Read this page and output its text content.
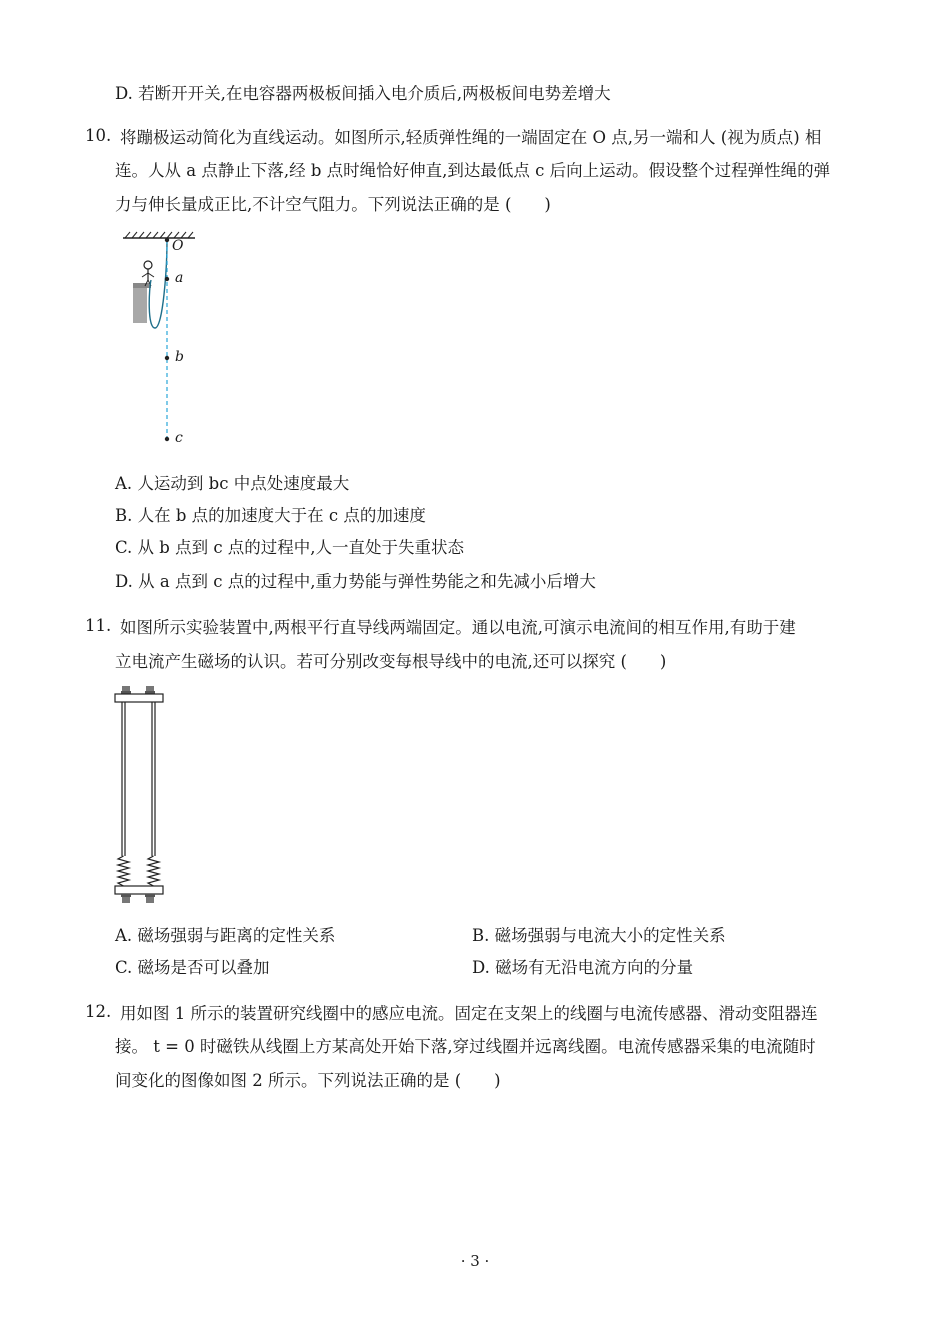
D. 若断开开关,在电容器两极板间插入电介质后,两极板间电势差增大
10. 将蹦极运动简化为直线运动。如图所示,轻质弹性绳的一端固定在 O 点,另一端和人 (视为质点) 相
连。人从 a 点静止下落,经 b 点时绳恰好伸直,到达最低点 c 后向上运动。假设整个过程弹性绳的弹
力与伸长量成正比,不计空气阻力。下列说法正确的是 (　　)
O
a
b
c
A. 人运动到 bc 中点处速度最大
B. 人在 b 点的加速度大于在 c 点的加速度
C. 从 b 点到 c 点的过程中,人一直处于失重状态
D. 从 a 点到 c 点的过程中,重力势能与弹性势能之和先减小后增大
11. 如图所示实验装置中,两根平行直导线两端固定。通以电流,可演示电流间的相互作用,有助于建
立电流产生磁场的认识。若可分别改变每根导线中的电流,还可以探究 (　　)
A. 磁场强弱与距离的定性关系	B. 磁场强弱与电流大小的定性关系
C. 磁场是否可以叠加	D. 磁场有无沿电流方向的分量
12. 用如图 1 所示的装置研究线圈中的感应电流。固定在支架上的线圈与电流传感器、滑动变阻器连
接。 t = 0 时磁铁从线圈上方某高处开始下落,穿过线圈并远离线圈。电流传感器采集的电流随时
间变化的图像如图 2 所示。下列说法正确的是 (　　)
· 3 ·
